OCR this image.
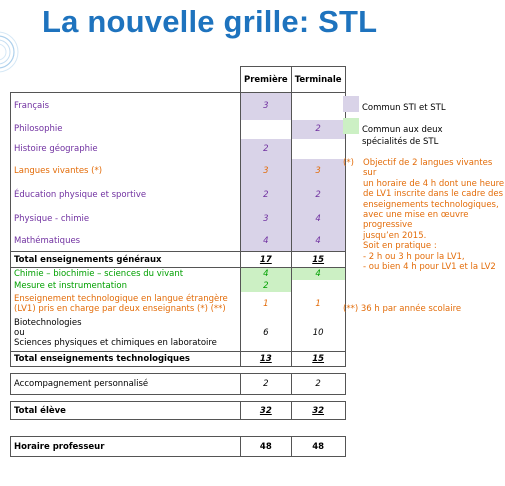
La nouvelle grille: STL
	Première	Terminale
Français	3	
Philosophie		2
Histoire géographie	2	
Langues vivantes (*)	3	3
Éducation physique et sportive	2	2
Physique - chimie	3	4
Mathématiques	4	4
Total enseignements généraux	17	15
Chimie – biochimie – sciences du vivant	4	4
Mesure et instrumentation	2	

Enseignement technologique en langue étrangère
(LV1) pris en charge par deux enseignants (*) (**)	1	1

Biotechnologies
ou
Sciences physiques et chimiques en laboratoire	6	10
Total enseignements technologiques	13	15

Accompagnement personnalisé	2	2

Total élève	32	32

Horaire professeur	48	48
Commun STI et STL
Commun aux deux
spécialités de STL
(*) Objectif de 2 langues vivantes sur
un horaire de 4 h dont une heure
de LV1 inscrite dans le cadre des
enseignements technologiques,
avec une mise en œuvre progressive
jusqu’en 2015.
Soit en pratique :
- 2 h ou 3 h pour la LV1,
- ou bien 4 h pour LV1 et la LV2
(**) 36 h par année scolaire
